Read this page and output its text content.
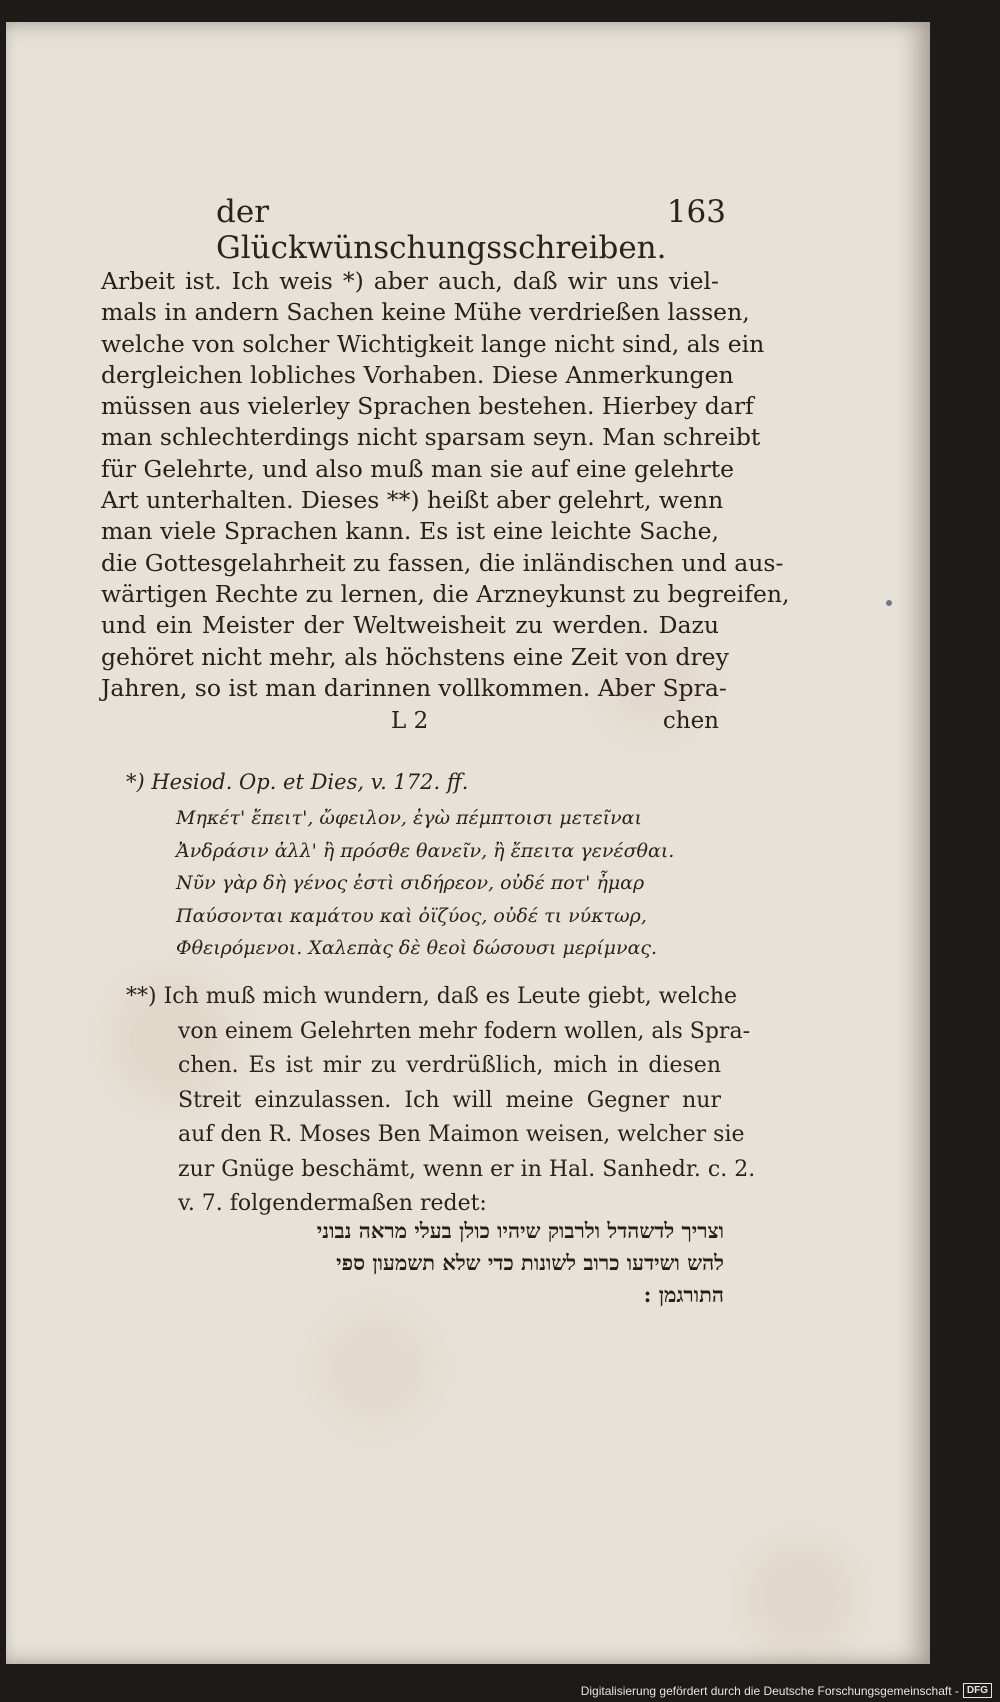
der Glückwünschungsschreiben.
163
Arbeit ist. Ich weis *) aber auch, daß wir uns viel-
mals in andern Sachen keine Mühe verdrießen lassen,
welche von solcher Wichtigkeit lange nicht sind, als ein
dergleichen lobliches Vorhaben. Diese Anmerkungen
müssen aus vielerley Sprachen bestehen. Hierbey darf
man schlechterdings nicht sparsam seyn. Man schreibt
für Gelehrte, und also muß man sie auf eine gelehrte
Art unterhalten. Dieses **) heißt aber gelehrt, wenn
man viele Sprachen kann. Es ist eine leichte Sache,
die Gottesgelahrheit zu fassen, die inländischen und aus-
wärtigen Rechte zu lernen, die Arzneykunst zu begreifen,
und ein Meister der Weltweisheit zu werden. Dazu
gehöret nicht mehr, als höchstens eine Zeit von drey
Jahren, so ist man darinnen vollkommen. Aber Spra-
L 2	chen
*) Hesiod. Op. et Dies, v. 172. ff.
Μηκέτ' ἔπειτ', ὤφειλον, ἐγὼ πέμπτοισι μετεῖναι
Ἀνδράσιν ἀλλ' ἢ πρόσθε θανεῖν, ἢ ἔπειτα γενέσθαι.
Νῦν γὰρ δὴ γένος ἐστὶ σιδήρεον, οὐδέ ποτ' ἦμαρ
Παύσονται καμάτου καὶ ὀϊζύος, οὐδέ τι νύκτωρ,
Φθειρόμενοι. Χαλεπὰς δὲ θεοὶ δώσουσι μερίμνας.
**) Ich muß mich wundern, daß es Leute giebt, welche
von einem Gelehrten mehr fodern wollen, als Spra-
chen. Es ist mir zu verdrüßlich, mich in diesen
Streit einzulassen. Ich will meine Gegner nur
auf den R. Moses Ben Maimon weisen, welcher sie
zur Gnüge beschämt, wenn er in Hal. Sanhedr. c. 2.
v. 7. folgendermaßen redet:
וצריך לדשהדל ולרבוק שיהיו כולן בעלי מראה נבוני
להש ושידעו כרוב לשונות כדי שלא תשמעון ספי
התורגמן :
Digitalisierung gefördert durch die Deutsche Forschungsgemeinschaft - DFG
